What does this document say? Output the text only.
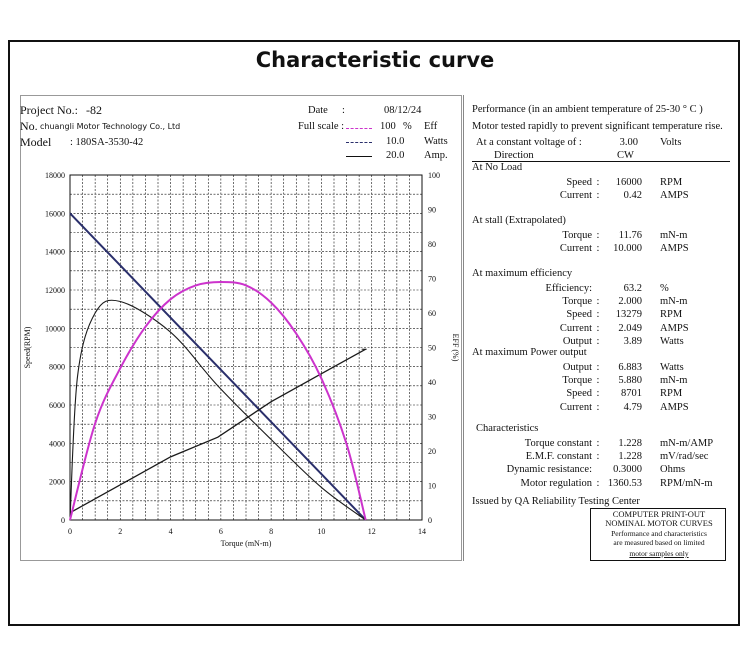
Characteristic curve
Project No.: -82
No. chuangli Motor Technology Co., Ltd
Model : 180SA-3530-42
Date :	08/12/24
Full scale :	100 % Eff
10.0 Watts
20.0 Amp.
0	2	4	6	8	10	12	14
0
2000
4000
6000
8000
10000
12000
14000
16000
18000
0
10
20
30
40
50
60
70
80
90
100
Torque (mN-m)
Speed(RPM)	EFF (%)
Performance (in an ambient temperature of 25-30 ° C )
Motor tested rapidly to prevent significant temperature rise.
At a constant voltage of :	3.00 Volts
Direction	CW
At No Load
Speed :	16000 RPM
Current :	0.42 AMPS
At stall (Extrapolated)
Torque :	11.76 mN-m
Current :	10.000 AMPS
At maximum efficiency
Efficiency:	63.2 %
Torque :	2.000 mN-m
Speed :	13279 RPM
Current :	2.049 AMPS
Output :	3.89 Watts
At maximum Power output
Output :	6.883 Watts
Torque :	5.880 mN-m
Speed :	8701 RPM
Current :	4.79 AMPS
Characteristics
Torque constant :	1.228 mN-m/AMP
E.M.F. constant :	1.228 mV/rad/sec
Dynamic resistance:	0.3000 Ohms
Motor regulation : 1360.53 RPM/mN-m
Issued by QA Reliability Testing Center
COMPUTER PRINT-OUT
NOMINAL MOTOR CURVES
Performance and characteristics
are measured based on limited
motor samples only
